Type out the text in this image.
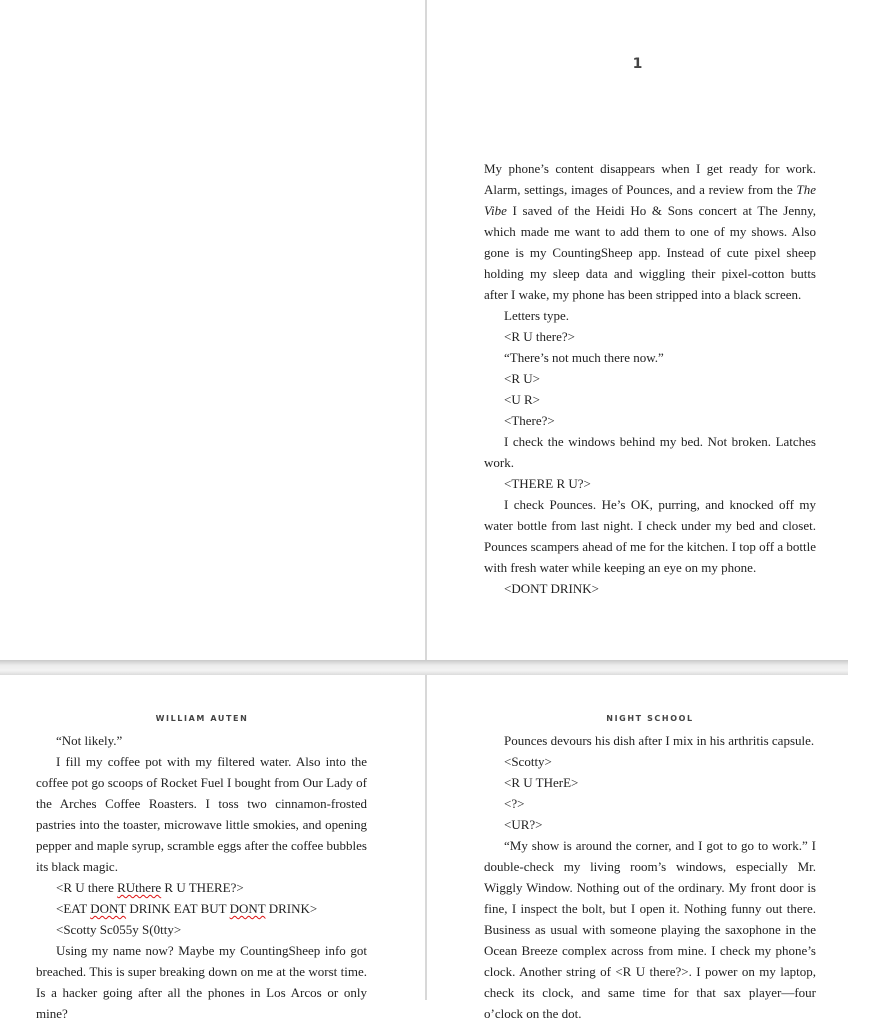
1

My phone’s content disappears when I get ready for work. Alarm, settings, images of Pounces, and a review from the The Vibe I saved of the Heidi Ho & Sons concert at The Jenny, which made me want to add them to one of my shows. Also gone is my CountingSheep app. Instead of cute pixel sheep holding my sleep data and wiggling their pixel-cotton butts after I wake, my phone has been stripped into a black screen.

Letters type.

<R U there?>

“There’s not much there now.”

<R U>

<U R>

<There?>

I check the windows behind my bed. Not broken. Latches work.

<THERE R U?>

I check Pounces. He’s OK, purring, and knocked off my water bottle from last night. I check under my bed and closet. Pounces scampers ahead of me for the kitchen. I top off a bottle with fresh water while keeping an eye on my phone.

<DONT DRINK>

WILLIAM AUTEN

“Not likely.”

I fill my coffee pot with my filtered water. Also into the coffee pot go scoops of Rocket Fuel I bought from Our Lady of the Arches Coffee Roasters. I toss two cinnamon-frosted pastries into the toaster, microwave little smokies, and opening pepper and maple syrup, scramble eggs after the coffee bubbles its black magic.

<R U there RUthere R U THERE?>

<EAT DONT DRINK EAT BUT DONT DRINK>

<Scotty Sc055y S(0tty>

Using my name now? Maybe my CountingSheep info got breached. This is super breaking down on me at the worst time. Is a hacker going after all the phones in Los Arcos or only mine?

NIGHT SCHOOL

Pounces devours his dish after I mix in his arthritis capsule.

<Scotty>

<R U THerE>

<?>

<UR?>

“My show is around the corner, and I got to go to work.” I double-check my living room’s windows, especially Mr. Wiggly Window. Nothing out of the ordinary. My front door is fine, I inspect the bolt, but I open it. Nothing funny out there. Business as usual with someone playing the saxophone in the Ocean Breeze complex across from mine. I check my phone’s clock. Another string of <R U there?>. I power on my laptop, check its clock, and same time for that sax player—four o’clock on the dot.
